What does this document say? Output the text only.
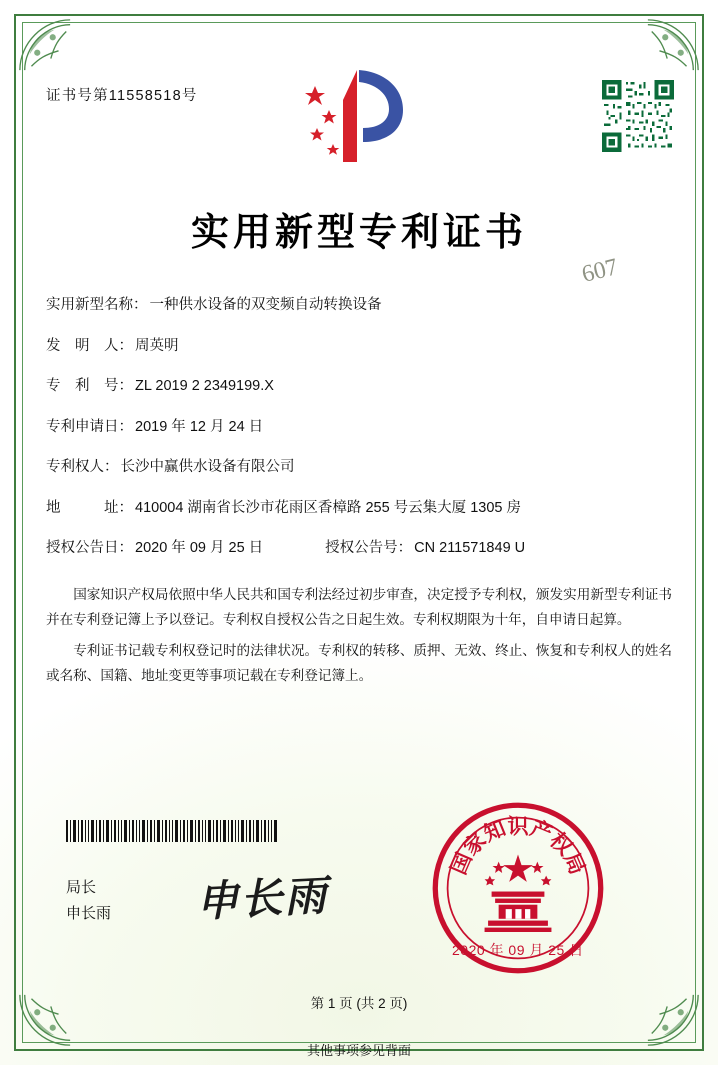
证书号第11558518号
实用新型专利证书
实用新型名称： 一种供水设备的双变频自动转换设备
发　明　人： 周英明
专　利　号： ZL 2019 2 2349199.X
专利申请日： 2019 年 12 月 24 日
专利权人： 长沙中赢供水设备有限公司
地　　　址： 410004 湖南省长沙市花雨区香樟路 255 号云集大厦 1305 房
授权公告日： 2020 年 09 月 25 日	授权公告号： CN 211571849 U

国家知识产权局依照中华人民共和国专利法经过初步审查，决定授予专利权，颁发实用新型专利证书并在专利登记簿上予以登记。专利权自授权公告之日起生效。专利权期限为十年，自申请日起算。

专利证书记载专利权登记时的法律状况。专利权的转移、质押、无效、终止、恢复和专利权人的姓名或名称、国籍、地址变更等事项记载在专利登记簿上。

607
局长
申长雨 申长雨
国家知识产权局
2020 年 09 月 25 日
第 1 页 (共 2 页)
其他事项参见背面
